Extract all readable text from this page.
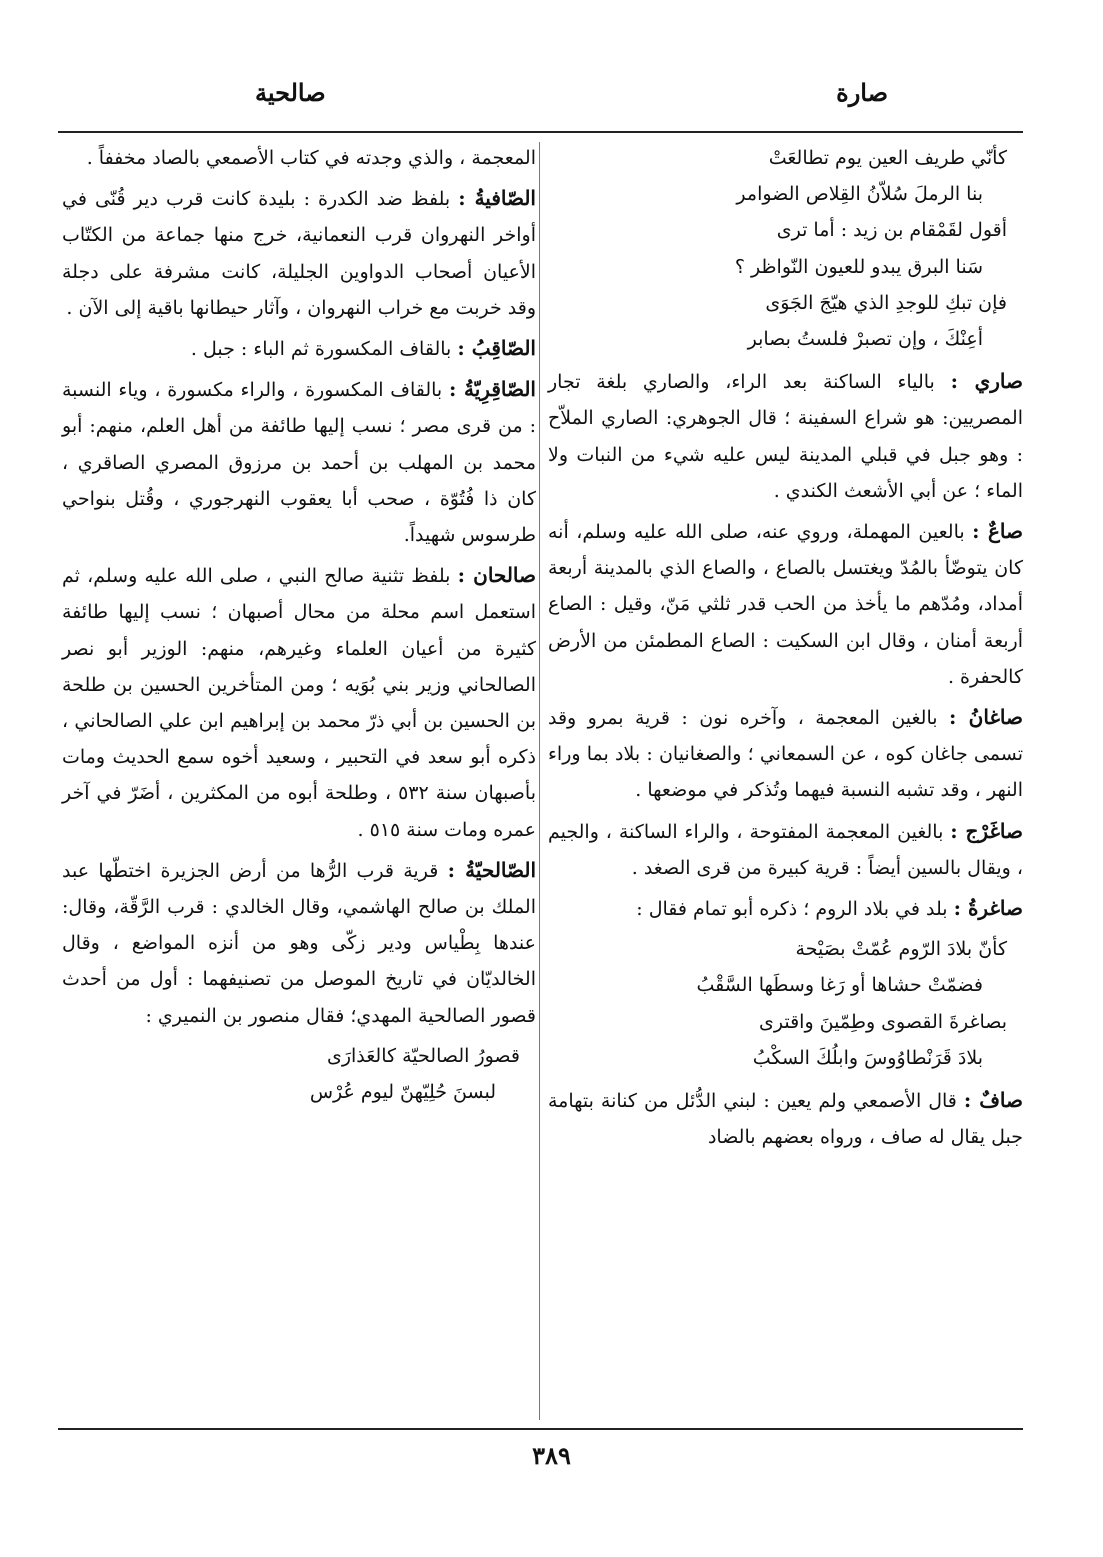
صارة
صالحية
كأنّي طريف العين يوم تطالعَتْ
بنا الرملَ سُلاّنُ القِلاص الضوامر
أقول لقَمْقام بن زيد : أما ترى
سَنا البرق يبدو للعيون النّواظر ؟
فإن تبكِ للوجدِ الذي هيّجَ الجَوَى
أعِنْكَ ، وإن تصبرْ فلستُ بصابر

صاري : بالياء الساكنة بعد الراء، والصاري بلغة تجار المصريين: هو شراع السفينة ؛ قال الجوهري: الصاري الملاّح : وهو جبل في قبلي المدينة ليس عليه شيء من النبات ولا الماء ؛ عن أبي الأشعث الكندي .

صاعٌ : بالعين المهملة، وروي عنه، صلى الله عليه وسلم، أنه كان يتوضّأ بالمُدّ ويغتسل بالصاع ، والصاع الذي بالمدينة أربعة أمداد، ومُدّهم ما يأخذ من الحب قدر ثلثي مَنّ، وقيل : الصاع أربعة أمنان ، وقال ابن السكيت : الصاع المطمئن من الأرض كالحفرة .

صاغانُ : بالغين المعجمة ، وآخره نون : قرية بمرو وقد تسمى جاغان كوه ، عن السمعاني ؛ والصغانيان : بلاد بما وراء النهر ، وقد تشبه النسبة فيهما وتُذكر في موضعها .

صاغَرْج : بالغين المعجمة المفتوحة ، والراء الساكنة ، والجيم ، ويقال بالسين أيضاً : قرية كبيرة من قرى الصغد .

صاغرةُ : بلد في بلاد الروم ؛ ذكره أبو تمام فقال :

كأنّ بلادَ الرّوم عُمّتْ بصَيْحة
فضمّتْ حشاها أو رَغا وسطَها السَّقْبُ
بصاغرةَ القصوى وطِمّينَ واقترى
بلادَ قَرَنْطاوُوسَ وابلُكَ السكْبُ

صافٌ : قال الأصمعي ولم يعين : لبني الدُّئل من كنانة بتهامة جبل يقال له صاف ، ورواه بعضهم بالضاد

المعجمة ، والذي وجدته في كتاب الأصمعي بالصاد مخففاً .

الصّافيةُ : بلفظ ضد الكدرة : بليدة كانت قرب دير قُنّى في أواخر النهروان قرب النعمانية، خرج منها جماعة من الكتّاب الأعيان أصحاب الدواوين الجليلة، كانت مشرفة على دجلة وقد خربت مع خراب النهروان ، وآثار حيطانها باقية إلى الآن .

الصّاقِبُ : بالقاف المكسورة ثم الباء : جبل .

الصّاقِرِيّةُ : بالقاف المكسورة ، والراء مكسورة ، وياء النسبة : من قرى مصر ؛ نسب إليها طائفة من أهل العلم، منهم: أبو محمد بن المهلب بن أحمد بن مرزوق المصري الصاقري ، كان ذا فُتُوّة ، صحب أبا يعقوب النهرجوري ، وقُتل بنواحي طرسوس شهيداً.

صالحان : بلفظ تثنية صالح النبي ، صلى الله عليه وسلم، ثم استعمل اسم محلة من محال أصبهان ؛ نسب إليها طائفة كثيرة من أعيان العلماء وغيرهم، منهم: الوزير أبو نصر الصالحاني وزير بني بُوَيه ؛ ومن المتأخرين الحسين بن طلحة بن الحسين بن أبي ذرّ محمد بن إبراهيم ابن علي الصالحاني ، ذكره أبو سعد في التحبير ، وسعيد أخوه سمع الحديث ومات بأصبهان سنة ٥٣٢ ، وطلحة أبوه من المكثرين ، أضَرّ في آخر عمره ومات سنة ٥١٥ .

الصّالحيّةُ : قرية قرب الرُّها من أرض الجزيرة اختطّها عبد الملك بن صالح الهاشمي، وقال الخالدي : قرب الرَّقّة، وقال: عندها بِطْياس ودير زكّى وهو من أنزه المواضع ، وقال الخالديّان في تاريخ الموصل من تصنيفهما : أول من أحدث قصور الصالحية المهدي؛ فقال منصور بن النميري :

قصورُ الصالحيّة كالعَذارَى
لبسنَ حُلِيّهنّ ليوم عُرْس
٣٨٩
